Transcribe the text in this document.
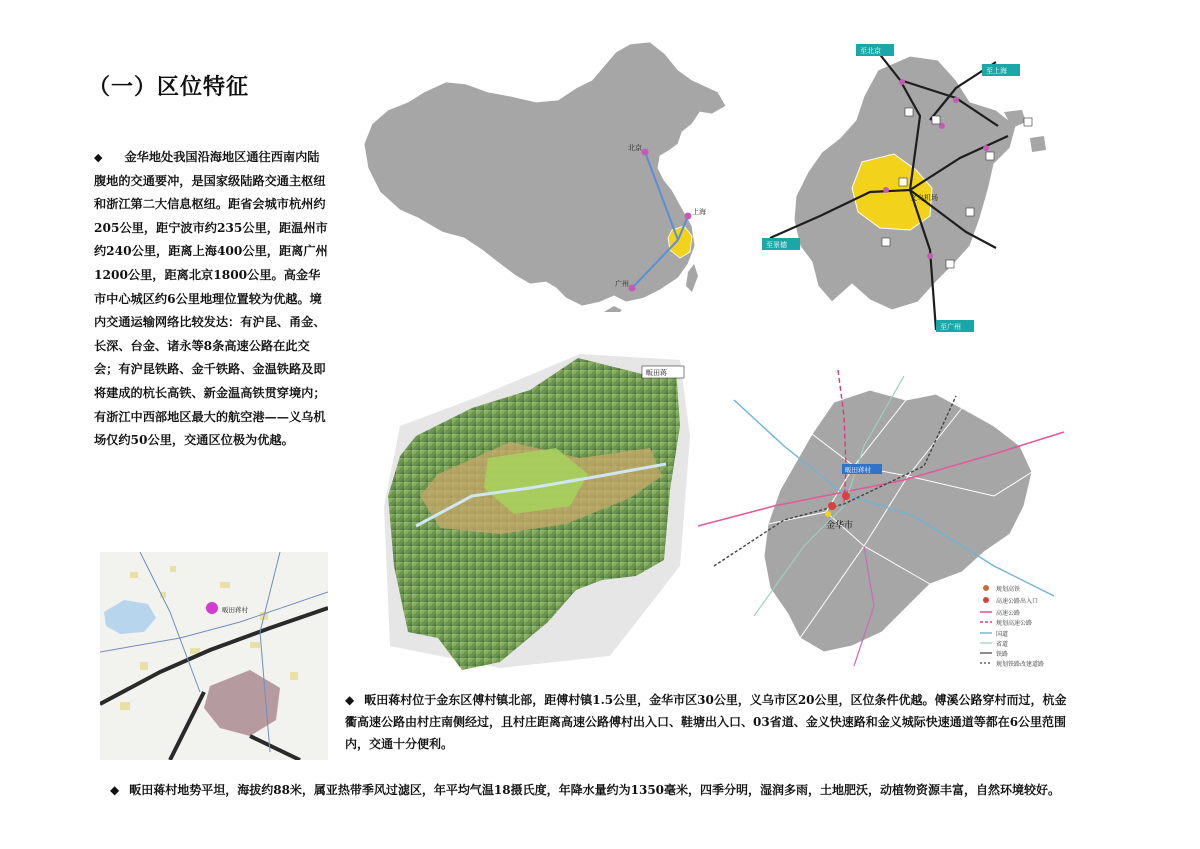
（一）区位特征
◆ 金华地处我国沿海地区通往西南内陆腹地的交通要冲，是国家级陆路交通主枢纽和浙江第二大信息枢纽。距省会城市杭州约205公里，距宁波市约235公里，距温州市约240公里，距离上海400公里，距离广州1200公里，距离北京1800公里。高金华市中心城区约6公里地理位置较为优越。境内交通运输网络比较发达：有沪昆、甬金、长深、台金、诸永等8条高速公路在此交会；有沪昆铁路、金千铁路、金温铁路及即将建成的杭长高铁、新金温高铁贯穿境内；有浙江中西部地区最大的航空港——义乌机场仅约50公里，交通区位极为优越。
北京
上海
广州
至北京
至上海
至景德
至广州
义乌机场
畈田蒋
金华市
畈田蒋村
规划高铁
高速公路出入口
高速公路
规划高速公路
国道
省道
铁路
规划铁路改建道路
畈田蒋村
◆ 畈田蒋村位于金东区傅村镇北部，距傅村镇1.5公里，金华市区30公里，义乌市区20公里，区位条件优越。傅溪公路穿村而过，杭金衢高速公路由村庄南侧经过，且村庄距离高速公路傅村出入口、鞋塘出入口、03省道、金义快速路和金义城际快速通道等都在6公里范围内，交通十分便利。
◆ 畈田蒋村地势平坦，海拔约88米，属亚热带季风过滤区，年平均气温18摄氏度，年降水量约为1350毫米，四季分明，湿润多雨，土地肥沃，动植物资源丰富，自然环境较好。
